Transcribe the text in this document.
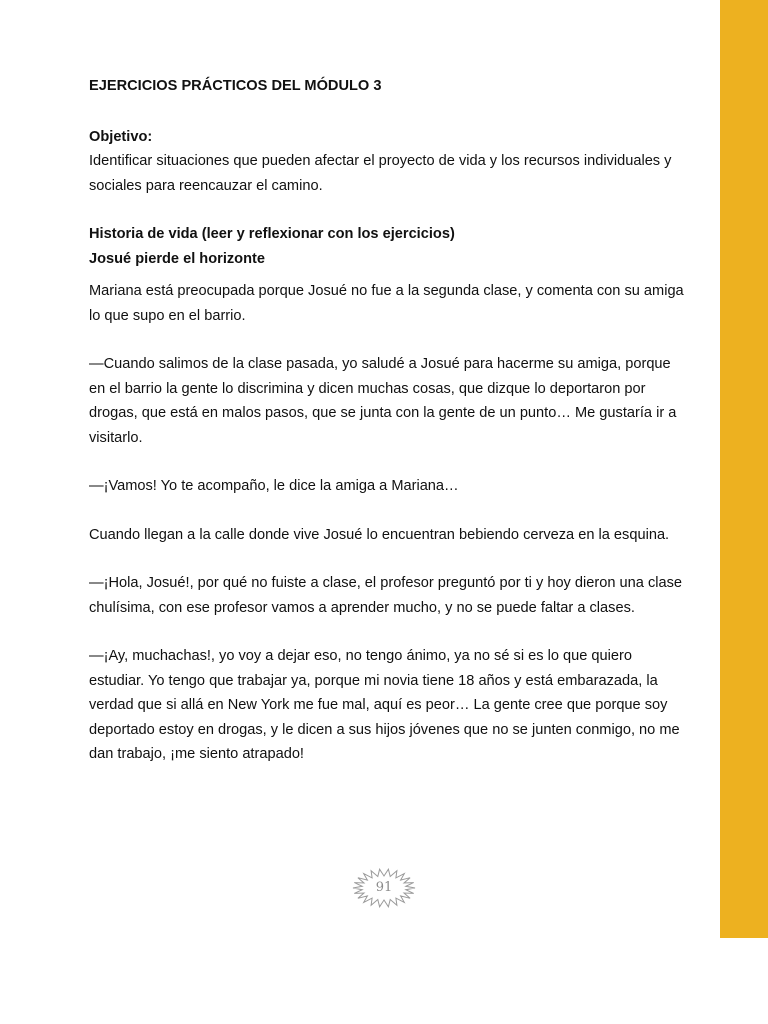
EJERCICIOS PRÁCTICOS DEL MÓDULO 3

Objetivo:

Identificar situaciones que pueden afectar el proyecto de vida y los recursos individuales y sociales para reencauzar el camino.

Historia de vida (leer y reflexionar con los ejercicios)

Josué pierde el horizonte

Mariana está preocupada porque Josué no fue a la segunda clase, y comenta con su amiga lo que supo en el barrio.

—Cuando salimos de la clase pasada, yo saludé a Josué para hacerme su amiga, porque en el barrio la gente lo discrimina y dicen muchas cosas, que dizque lo deportaron por drogas, que está en malos pasos, que se junta con la gente de un punto… Me gustaría ir a visitarlo.

—¡Vamos! Yo te acompaño, le dice la amiga a Mariana…

Cuando llegan a la calle donde vive Josué lo encuentran bebiendo cerveza en la esquina.

—¡Hola, Josué!, por qué no fuiste a clase, el profesor preguntó por ti y hoy dieron una clase chulísima, con ese profesor vamos a aprender mucho, y no se puede faltar a clases.

—¡Ay, muchachas!, yo voy a dejar eso, no tengo ánimo, ya no sé si es lo que quiero estudiar. Yo tengo que trabajar ya, porque mi novia tiene 18 años y está embarazada, la verdad que si allá en New York me fue mal, aquí es peor… La gente cree que porque soy deportado estoy en drogas, y le dicen a sus hijos jóvenes que no se junten conmigo, no me dan trabajo, ¡me siento atrapado!

91
